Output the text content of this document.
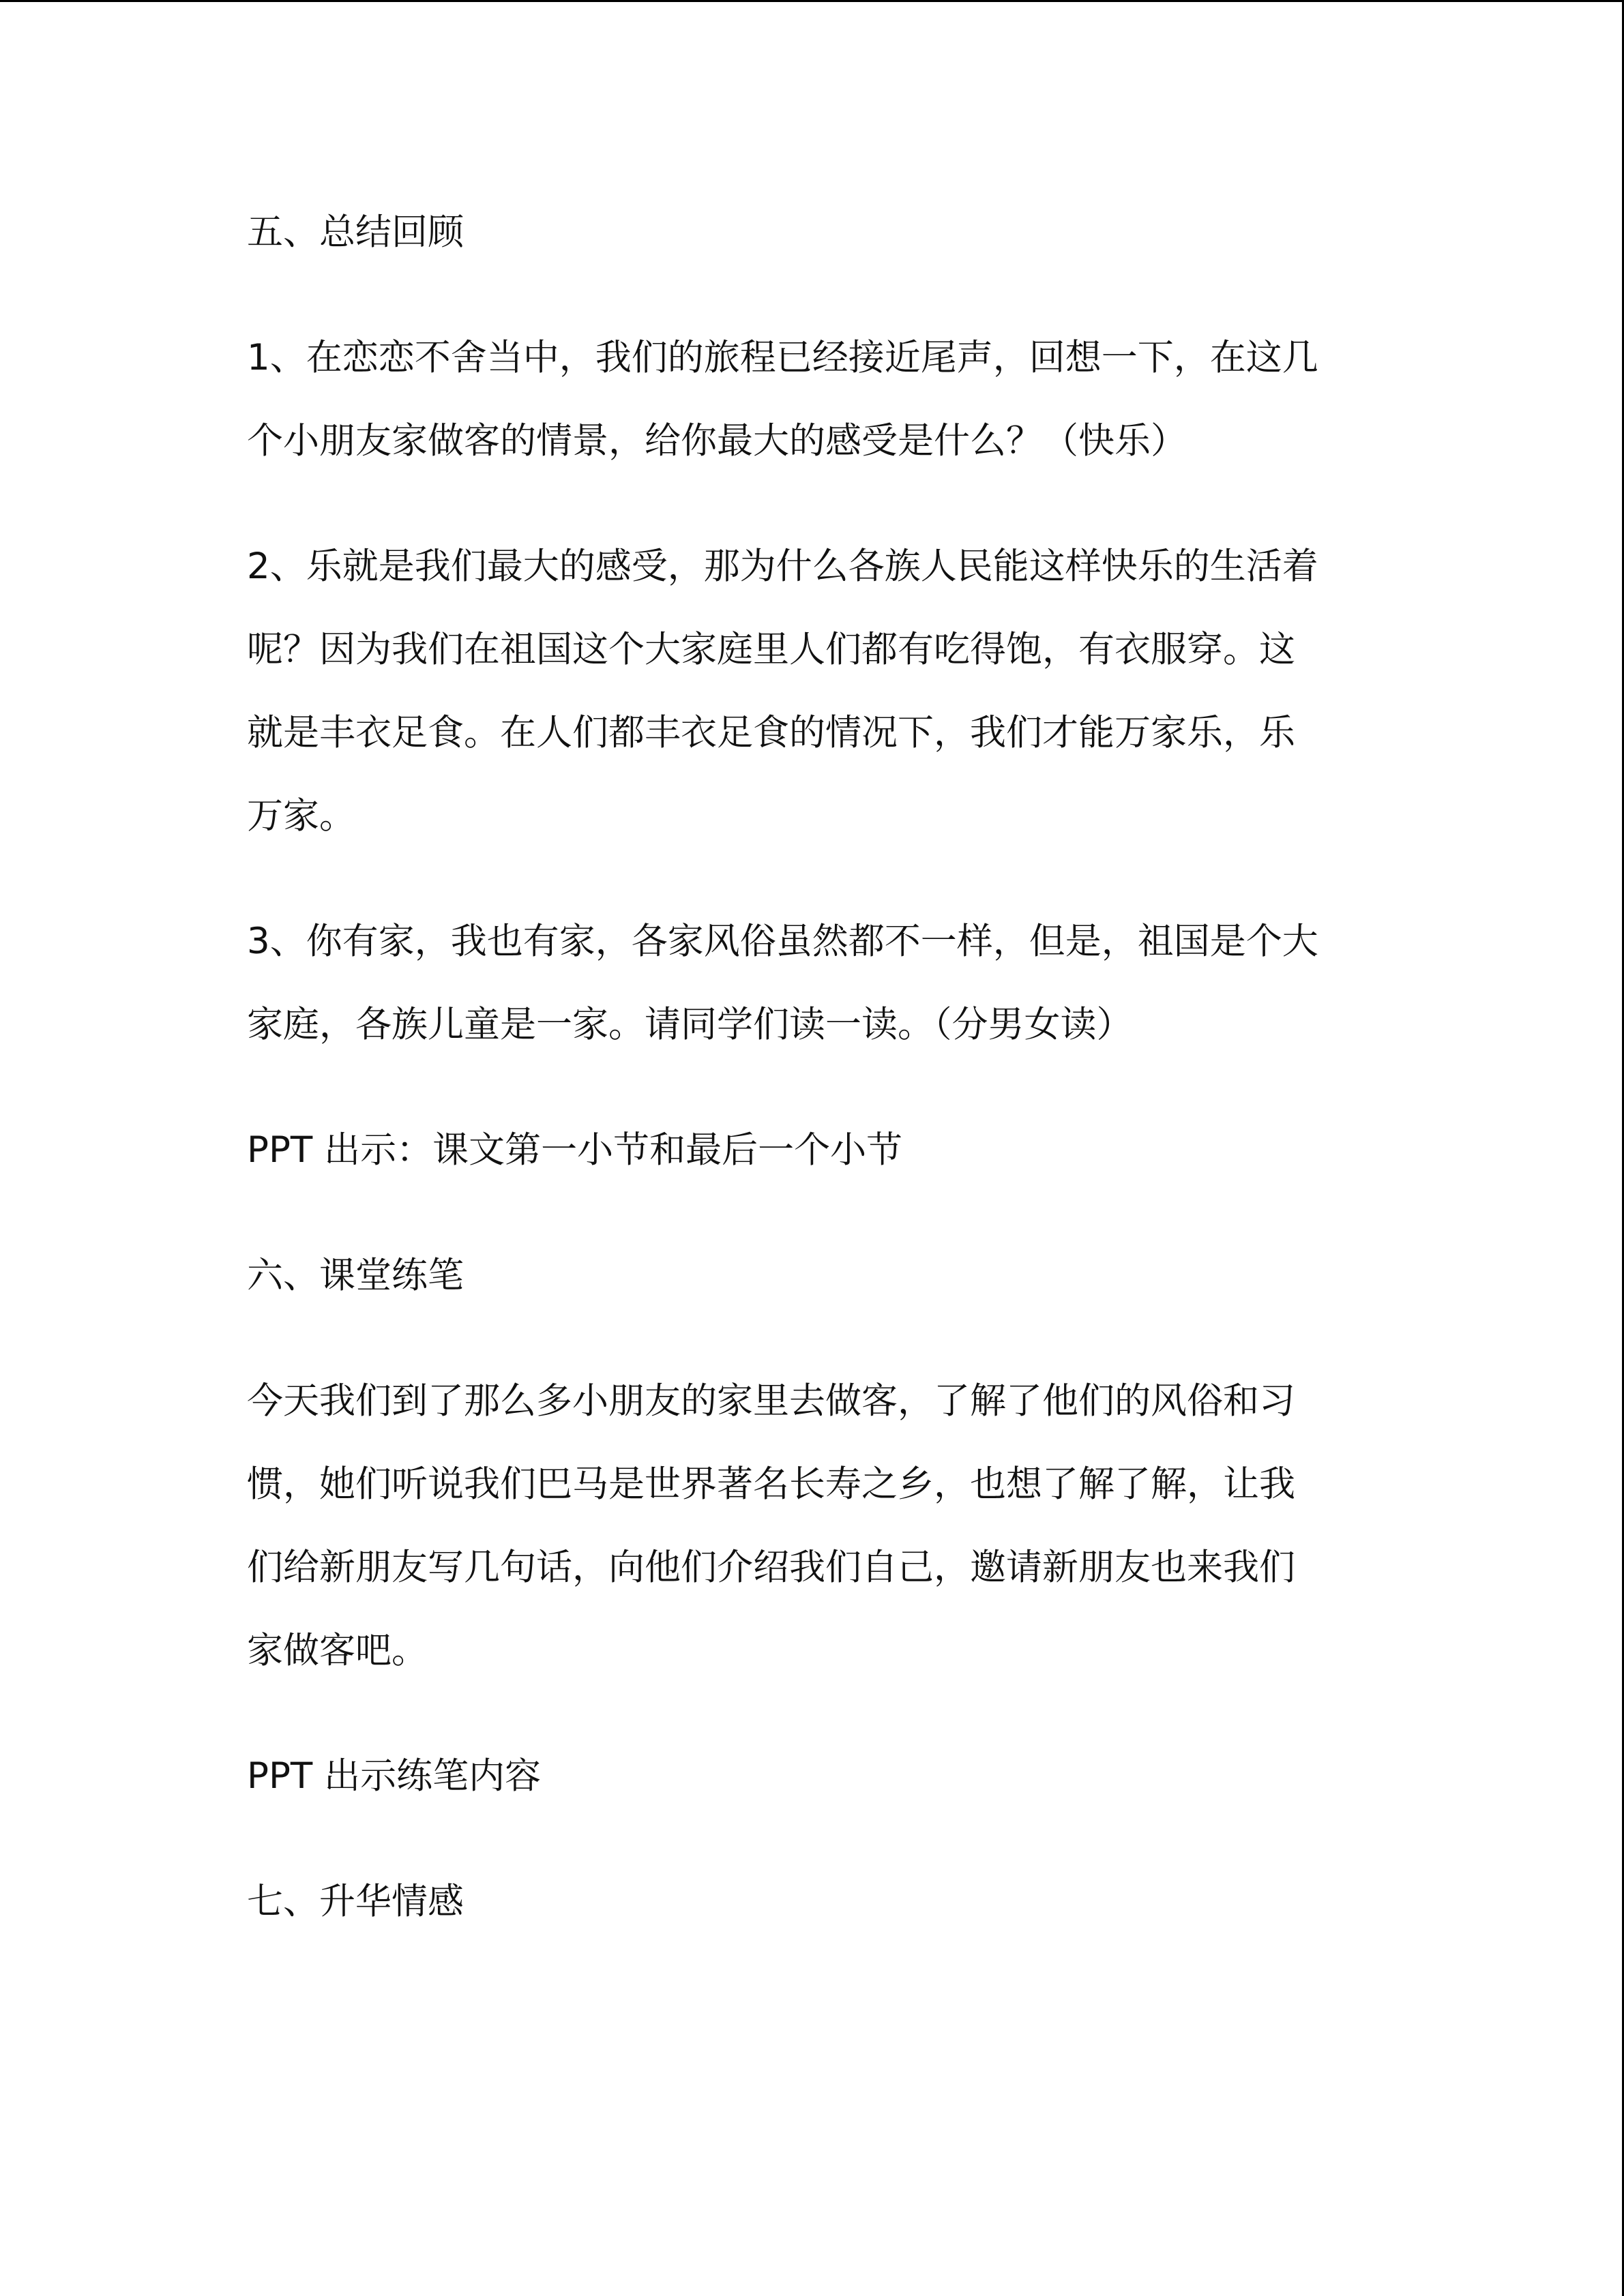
五、总结回顾
1、在恋恋不舍当中，我们的旅程已经接近尾声，回想一下，在这几
个小朋友家做客的情景，给你最大的感受是什么？（快乐）
2、乐就是我们最大的感受，那为什么各族人民能这样快乐的生活着
呢？因为我们在祖国这个大家庭里人们都有吃得饱，有衣服穿。这
就是丰衣足食。在人们都丰衣足食的情况下，我们才能万家乐，乐
万家。
3、你有家，我也有家，各家风俗虽然都不一样，但是，祖国是个大
家庭，各族儿童是一家。请同学们读一读。（分男女读）
PPT 出示：课文第一小节和最后一个小节
六、课堂练笔
今天我们到了那么多小朋友的家里去做客，了解了他们的风俗和习
惯，她们听说我们巴马是世界著名长寿之乡，也想了解了解，让我
们给新朋友写几句话，向他们介绍我们自己，邀请新朋友也来我们
家做客吧。
PPT 出示练笔内容
七、升华情感
